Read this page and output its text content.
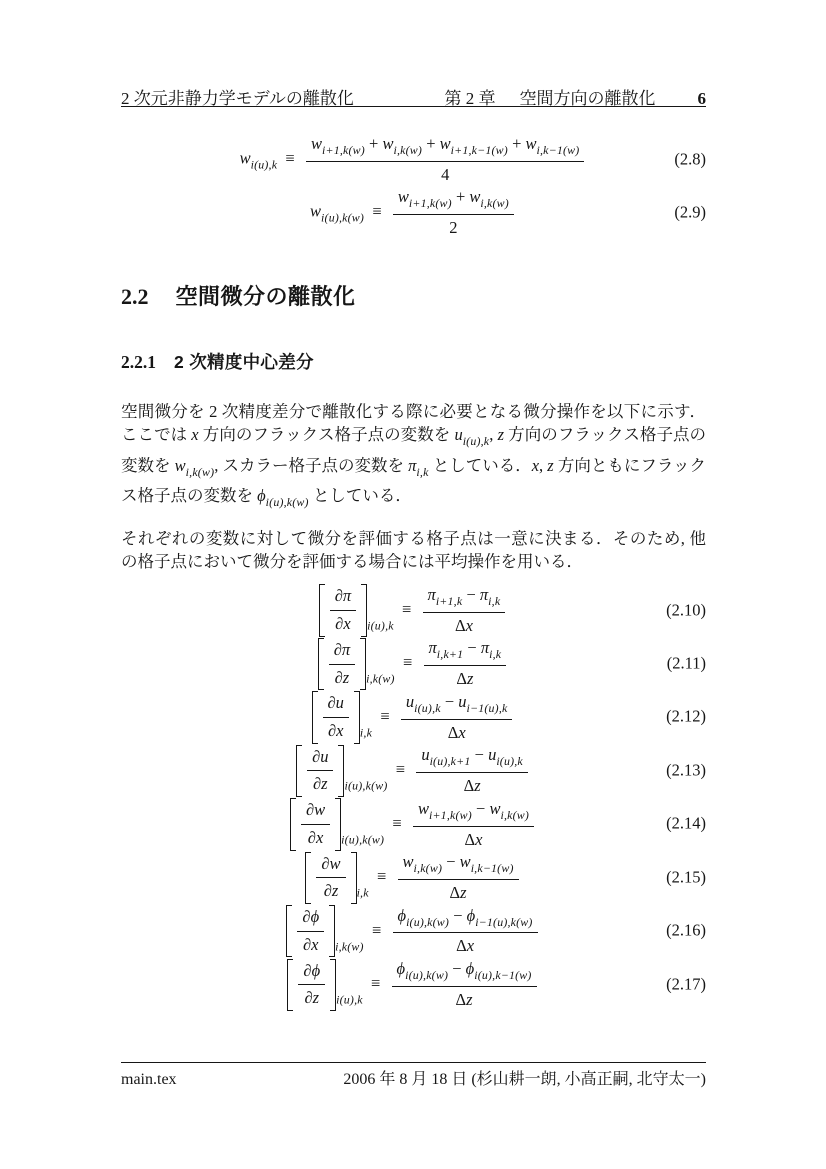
2 次元非静力学モデルの離散化	第 2 章 空間方向の離散化 6
$w_{i(u),k} \equiv \frac{w_{i+1,k(w)} + w_{i,k(w)} + w_{i+1,k-1(w)} + w_{i,k-1(w)}}{4}$	(2.8)
$w_{i(u),k(w)} \equiv \frac{w_{i+1,k(w)} + w_{i,k(w)}}{2}$	(2.9)
2.2 空間微分の離散化
2.2.1 2 次精度中心差分

空間微分を 2 次精度差分で離散化する際に必要となる微分操作を以下に示す．ここでは x 方向のフラックス格子点の変数を $u_{i(u),k}$, z 方向のフラックス格子点の変数を $w_{i,k(w)}$, スカラー格子点の変数を $\pi_{i,k}$ としている．x, z 方向ともにフラックス格子点の変数を $\phi_{i(u),k(w)}$ としている．

それぞれの変数に対して微分を評価する格子点は一意に決まる．そのため, 他の格子点において微分を評価する場合には平均操作を用いる．

$\frac{\partial\pi}{\partial x} _{i(u),k} \equiv \frac{\pi_{i+1,k} - \pi_{i,k}}{\Delta x}$	(2.10)
$\frac{\partial\pi}{\partial z} _{i,k(w)} \equiv \frac{\pi_{i,k+1} - \pi_{i,k}}{\Delta z}$	(2.11)
$\frac{\partial u}{\partial x} _{i,k} \equiv \frac{u_{i(u),k} - u_{i-1(u),k}}{\Delta x}$	(2.12)
$\frac{\partial u}{\partial z} _{i(u),k(w)} \equiv \frac{u_{i(u),k+1} - u_{i(u),k}}{\Delta z}$	(2.13)
$\frac{\partial w}{\partial x} _{i(u),k(w)} \equiv \frac{w_{i+1,k(w)} - w_{i,k(w)}}{\Delta x}$	(2.14)
$\frac{\partial w}{\partial z} _{i,k} \equiv \frac{w_{i,k(w)} - w_{i,k-1(w)}}{\Delta z}$	(2.15)
$\frac{\partial\phi}{\partial x} _{i,k(w)} \equiv \frac{\phi_{i(u),k(w)} - \phi_{i-1(u),k(w)}}{\Delta x}$	(2.16)
$\frac{\partial\phi}{\partial z} _{i(u),k} \equiv \frac{\phi_{i(u),k(w)} - \phi_{i(u),k-1(w)}}{\Delta z}$	(2.17)
main.tex	2006 年 8 月 18 日 (杉山耕一朗, 小高正嗣, 北守太一)
